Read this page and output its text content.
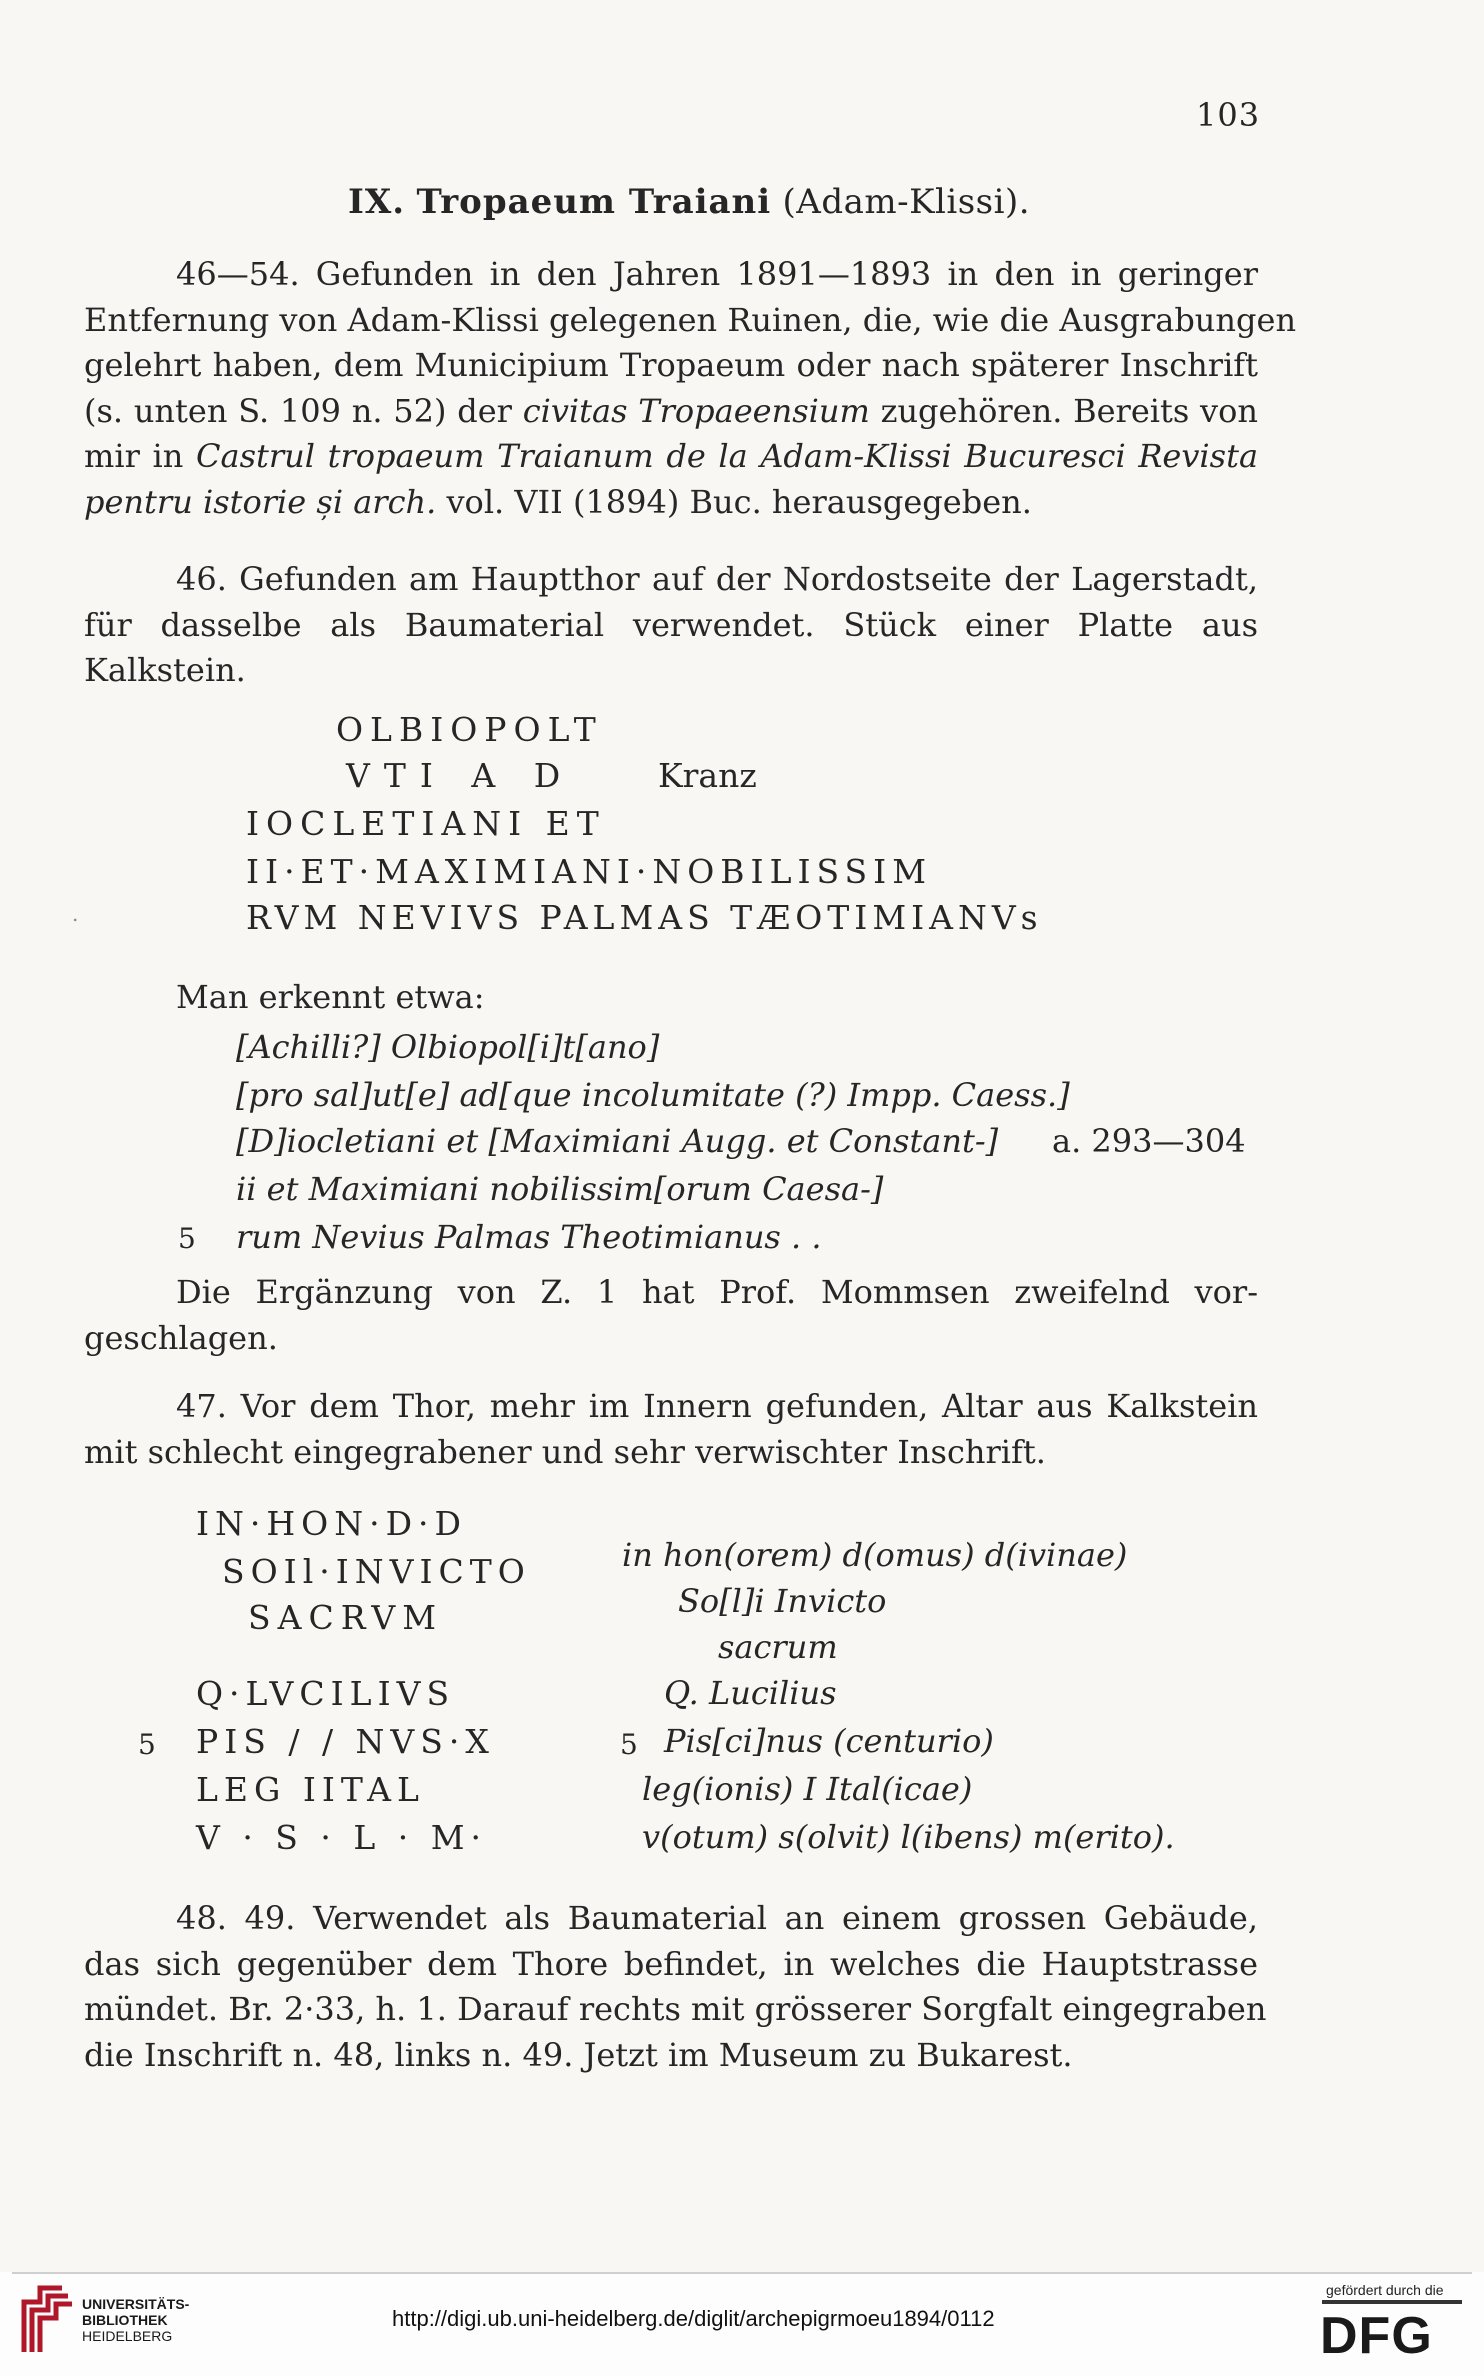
103
IX. Tropaeum Traiani (Adam-Klissi).
46—54. Gefunden in den Jahren 1891—1893 in den in geringer
Entfernung von Adam-Klissi gelegenen Ruinen, die, wie die Ausgrabungen
gelehrt haben, dem Municipium Tropaeum oder nach späterer Inschrift
(s. unten S. 109 n. 52) der civitas Tropaeensium zugehören. Bereits von
mir in Castrul tropaeum Traianum de la Adam-Klissi Bucuresci Revista
pentru istorie și arch. vol. VII (1894) Buc. herausgegeben.
46. Gefunden am Hauptthor auf der Nordostseite der Lagerstadt,
für dasselbe als Baumaterial verwendet. Stück einer Platte aus
Kalkstein.
OLBIOPOLT
VTI A D	Kranz
IOCLETIANI ET
II·ET·MAXIMIANI·NOBILISSIM
RVM NEVIVS PALMAS TÆOTIMIANVs
.
Man erkennt etwa:
[Achilli?] Olbiopol[i]t[ano]
[pro sal]ut[e] ad[que incolumitate (?) Impp. Caess.]
[D]iocletiani et [Maximiani Augg. et Constant-] a. 293—304
ii et Maximiani nobilissim[orum Caesa-]
5 rum Nevius Palmas Theotimianus . .
Die Ergänzung von Z. 1 hat Prof. Mommsen zweifelnd vor-
geschlagen.
47. Vor dem Thor, mehr im Innern gefunden, Altar aus Kalkstein
mit schlecht eingegrabener und sehr verwischter Inschrift.
IN·HON·D·D
SOIl·INVICTO
SACRVM
Q·LVCILIVS
5 PIS / / NVS·X
LEG IITAL
V · S · L · M·
in hon(orem) d(omus) d(ivinae)
So[l]i Invicto
sacrum
Q. Lucilius
5 Pis[ci]nus (centurio)
leg(ionis) I Ital(icae)
v(otum) s(olvit) l(ibens) m(erito).
48. 49. Verwendet als Baumaterial an einem grossen Gebäude,
das sich gegenüber dem Thore befindet, in welches die Hauptstrasse
mündet. Br. 2·33, h. 1. Darauf rechts mit grösserer Sorgfalt eingegraben
die Inschrift n. 48, links n. 49. Jetzt im Museum zu Bukarest.
UNIVERSITÄTS-
BIBLIOTHEK
HEIDELBERG
http://digi.ub.uni-heidelberg.de/diglit/archepigrmoeu1894/0112
gefördert durch die
DFG
